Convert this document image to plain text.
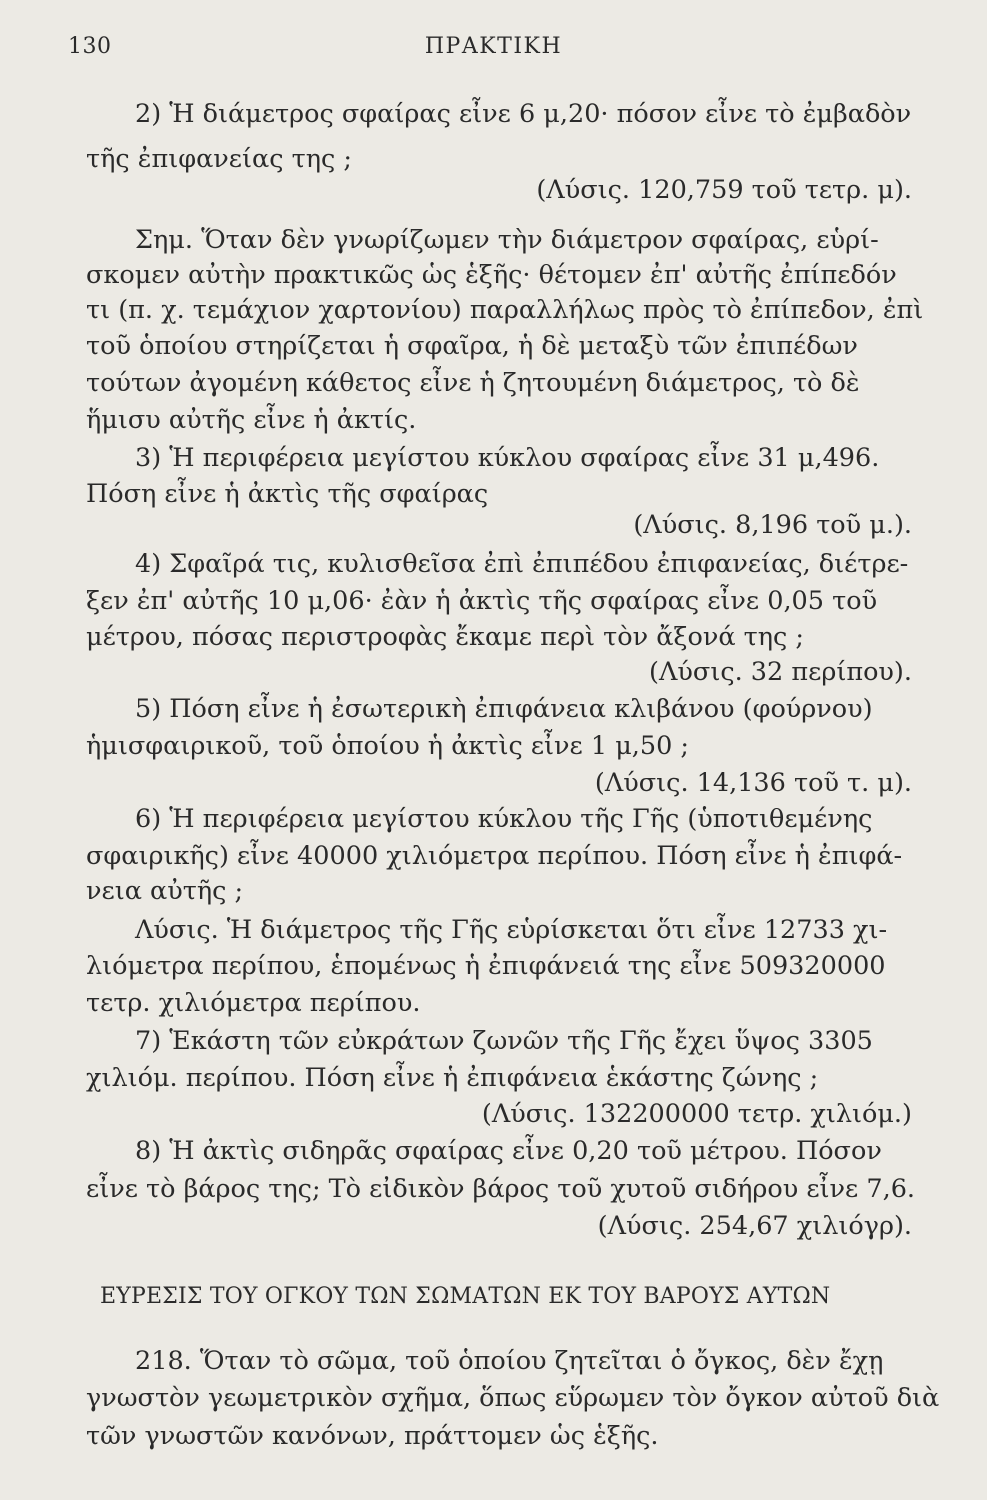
130	ΠΡΑΚΤΙΚΗ

2) Ἡ διάμετρος σφαίρας εἶνε 6 μ,20· πόσον εἶνε τὸ ἐμβαδὸν

τῆς ἐπιφανείας της ;

(Λύσις. 120,759 τοῦ τετρ. μ).

Σημ. Ὅταν δὲν γνωρίζωμεν τὴν διάμετρον σφαίρας, εὑρί-

σκομεν αὐτὴν πρακτικῶς ὡς ἑξῆς· θέτομεν ἐπ' αὐτῆς ἐπίπεδόν

τι (π. χ. τεμάχιον χαρτονίου) παραλλήλως πρὸς τὸ ἐπίπεδον, ἐπὶ

τοῦ ὁποίου στηρίζεται ἡ σφαῖρα, ἡ δὲ μεταξὺ τῶν ἐπιπέδων

τούτων ἀγομένη κάθετος εἶνε ἡ ζητουμένη διάμετρος, τὸ δὲ

ἥμισυ αὐτῆς εἶνε ἡ ἀκτίς.

3) Ἡ περιφέρεια μεγίστου κύκλου σφαίρας εἶνε 31 μ,496.

Πόση εἶνε ἡ ἀκτὶς τῆς σφαίρας

(Λύσις. 8,196 τοῦ μ.).

4) Σφαῖρά τις, κυλισθεῖσα ἐπὶ ἐπιπέδου ἐπιφανείας, διέτρε-

ξεν ἐπ' αὐτῆς 10 μ,06· ἐὰν ἡ ἀκτὶς τῆς σφαίρας εἶνε 0,05 τοῦ

μέτρου, πόσας περιστροφὰς ἔκαμε περὶ τὸν ἄξονά της ;

(Λύσις. 32 περίπου).

5) Πόση εἶνε ἡ ἐσωτερικὴ ἐπιφάνεια κλιβάνου (φούρνου)

ἡμισφαιρικοῦ, τοῦ ὁποίου ἡ ἀκτὶς εἶνε 1 μ,50 ;

(Λύσις. 14,136 τοῦ τ. μ).

6) Ἡ περιφέρεια μεγίστου κύκλου τῆς Γῆς (ὑποτιθεμένης

σφαιρικῆς) εἶνε 40000 χιλιόμετρα περίπου. Πόση εἶνε ἡ ἐπιφά-

νεια αὐτῆς ;

Λύσις. Ἡ διάμετρος τῆς Γῆς εὑρίσκεται ὅτι εἶνε 12733 χι-

λιόμετρα περίπου, ἑπομένως ἡ ἐπιφάνειά της εἶνε 509320000

τετρ. χιλιόμετρα περίπου.

7) Ἑκάστη τῶν εὐκράτων ζωνῶν τῆς Γῆς ἔχει ὕψος 3305

χιλιόμ. περίπου. Πόση εἶνε ἡ ἐπιφάνεια ἑκάστης ζώνης ;

(Λύσις. 132200000 τετρ. χιλιόμ.)

8) Ἡ ἀκτὶς σιδηρᾶς σφαίρας εἶνε 0,20 τοῦ μέτρου. Πόσον

εἶνε τὸ βάρος της; Τὸ εἰδικὸν βάρος τοῦ χυτοῦ σιδήρου εἶνε 7,6.

(Λύσις. 254,67 χιλιόγρ).

ΕΥΡΕΣΙΣ ΤΟΥ ΟΓΚΟΥ ΤΩΝ ΣΩΜΑΤΩΝ ΕΚ ΤΟΥ ΒΑΡΟΥΣ ΑΥΤΩΝ

218. Ὅταν τὸ σῶμα, τοῦ ὁποίου ζητεῖται ὁ ὄγκος, δὲν ἔχῃ

γνωστὸν γεωμετρικὸν σχῆμα, ὅπως εὕρωμεν τὸν ὄγκον αὐτοῦ διὰ

τῶν γνωστῶν κανόνων, πράττομεν ὡς ἑξῆς.
